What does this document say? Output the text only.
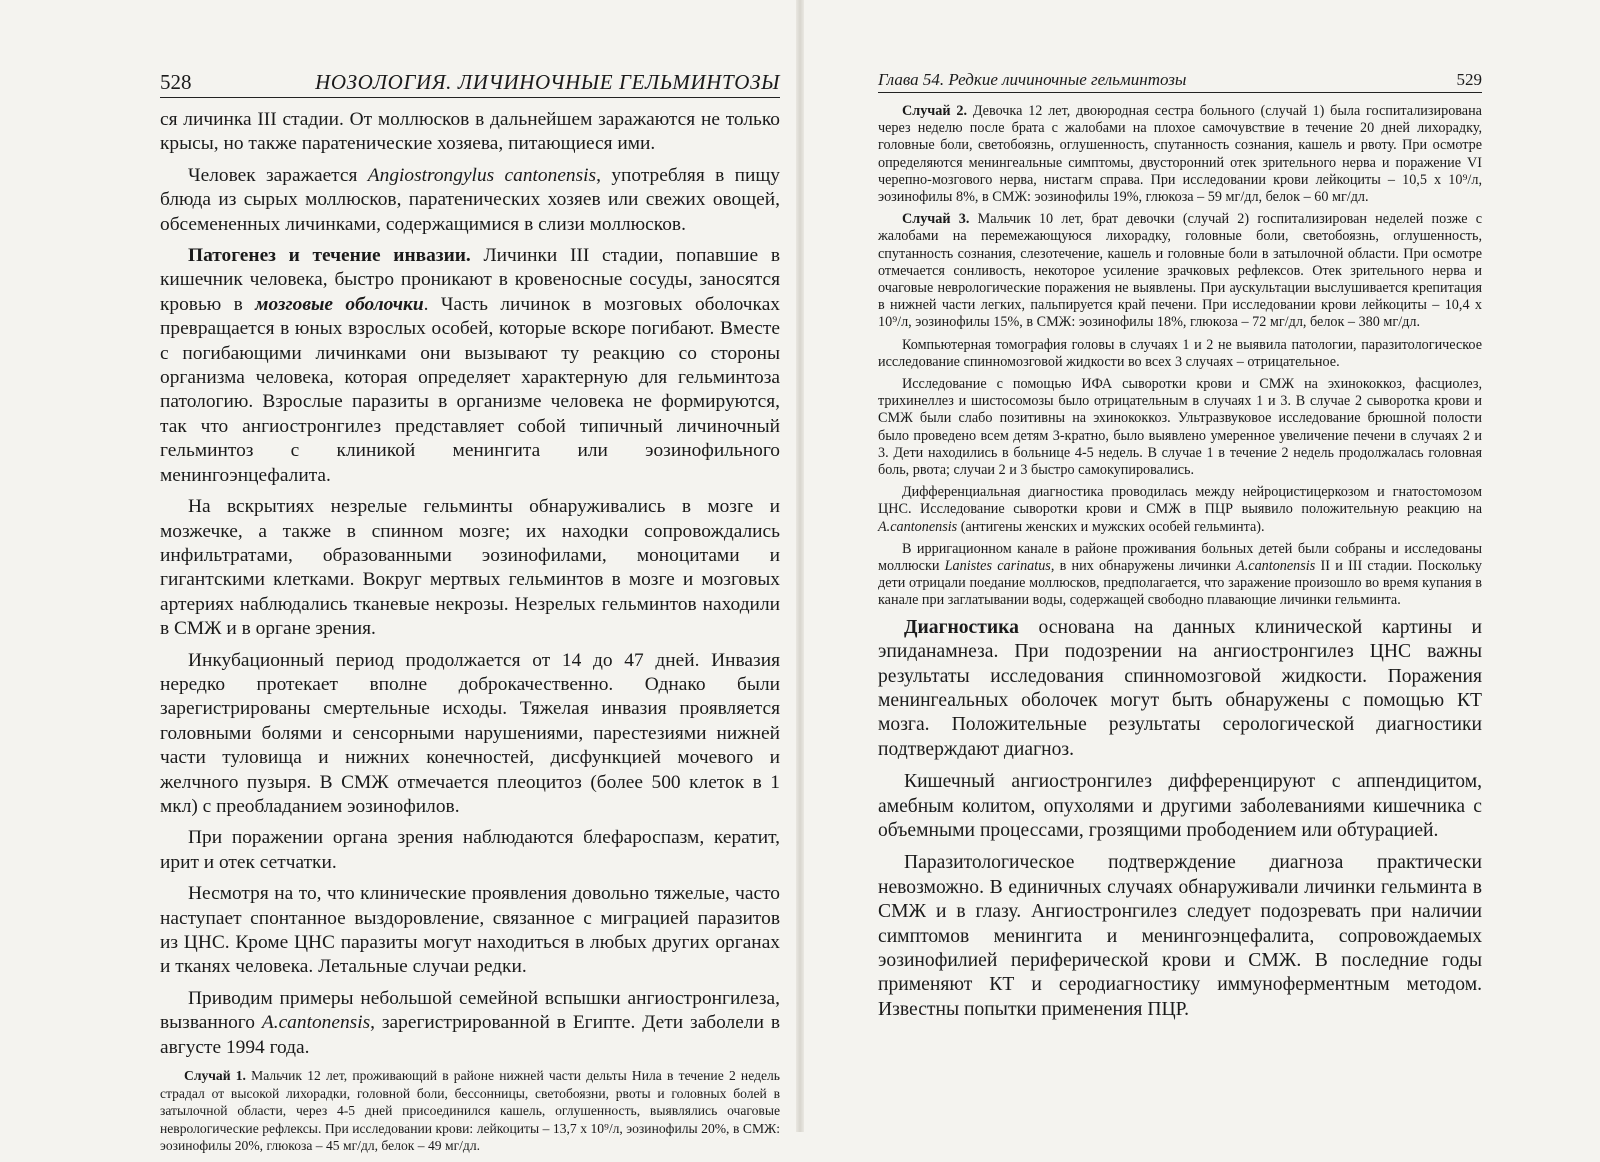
528	НОЗОЛОГИЯ. ЛИЧИНОЧНЫЕ ГЕЛЬМИНТОЗЫ

ся личинка III стадии. От моллюсков в дальнейшем заражаются не только крысы, но также паратенические хозяева, питающиеся ими.

Человек заражается Angiostrongylus cantonensis, употребляя в пищу блюда из сырых моллюсков, паратенических хозяев или свежих овощей, обсемененных личинками, содержащимися в слизи моллюсков.

Патогенез и течение инвазии. Личинки III стадии, попавшие в кишечник человека, быстро проникают в кровеносные сосуды, заносятся кровью в мозговые оболочки. Часть личинок в мозговых оболочках превращается в юных взрослых особей, которые вскоре погибают. Вместе с погибающими личинками они вызывают ту реакцию со стороны организма человека, которая определяет характерную для гельминтоза патологию. Взрослые паразиты в организме человека не формируются, так что ангиостронгилез представляет собой типичный личиночный гельминтоз с клиникой менингита или эозинофильного менингоэнцефалита.

На вскрытиях незрелые гельминты обнаруживались в мозге и мозжечке, а также в спинном мозге; их находки сопровождались инфильтратами, образованными эозинофилами, моноцитами и гигантскими клетками. Вокруг мертвых гельминтов в мозге и мозговых артериях наблюдались тканевые некрозы. Незрелых гельминтов находили в СМЖ и в органе зрения.

Инкубационный период продолжается от 14 до 47 дней. Инвазия нередко протекает вполне доброкачественно. Однако были зарегистрированы смертельные исходы. Тяжелая инвазия проявляется головными болями и сенсорными нарушениями, парестезиями нижней части туловища и нижних конечностей, дисфункцией мочевого и желчного пузыря. В СМЖ отмечается плеоцитоз (более 500 клеток в 1 мкл) с преобладанием эозинофилов.

При поражении органа зрения наблюдаются блефароспазм, кератит, ирит и отек сетчатки.

Несмотря на то, что клинические проявления довольно тяжелые, часто наступает спонтанное выздоровление, связанное с миграцией паразитов из ЦНС. Кроме ЦНС паразиты могут находиться в любых других органах и тканях человека. Летальные случаи редки.

Приводим примеры небольшой семейной вспышки ангиостронгилеза, вызванного A.cantonensis, зарегистрированной в Египте. Дети заболели в августе 1994 года.

Случай 1. Мальчик 12 лет, проживающий в районе нижней части дельты Нила в течение 2 недель страдал от высокой лихорадки, головной боли, бессонницы, светобоязни, рвоты и головных болей в затылочной области, через 4-5 дней присоединился кашель, оглушенность, выявлялись очаговые неврологические рефлексы. При исследовании крови: лейкоциты – 13,7 x 10⁹/л, эозинофилы 20%, в СМЖ: эозинофилы 20%, глюкоза – 45 мг/дл, белок – 49 мг/дл.

Глава 54. Редкие личиночные гельминтозы	529

Случай 2. Девочка 12 лет, двоюродная сестра больного (случай 1) была госпитализирована через неделю после брата с жалобами на плохое самочувствие в течение 20 дней лихорадку, головные боли, светобоязнь, оглушенность, спутанность сознания, кашель и рвоту. При осмотре определяются менингеальные симптомы, двусторонний отек зрительного нерва и поражение VI черепно-мозгового нерва, нистагм справа. При исследовании крови лейкоциты – 10,5 x 10⁹/л, эозинофилы 8%, в СМЖ: эозинофилы 19%, глюкоза – 59 мг/дл, белок – 60 мг/дл.

Случай 3. Мальчик 10 лет, брат девочки (случай 2) госпитализирован неделей позже с жалобами на перемежающуюся лихорадку, головные боли, светобоязнь, оглушенность, спутанность сознания, слезотечение, кашель и головные боли в затылочной области. При осмотре отмечается сонливость, некоторое усиление зрачковых рефлексов. Отек зрительного нерва и очаговые неврологические поражения не выявлены. При аускультации выслушивается крепитация в нижней части легких, пальпируется край печени. При исследовании крови лейкоциты – 10,4 x 10⁹/л, эозинофилы 15%, в СМЖ: эозинофилы 18%, глюкоза – 72 мг/дл, белок – 380 мг/дл.

Компьютерная томография головы в случаях 1 и 2 не выявила патологии, паразитологическое исследование спинномозговой жидкости во всех 3 случаях – отрицательное.

Исследование с помощью ИФА сыворотки крови и СМЖ на эхинококкоз, фасциолез, трихинеллез и шистосомозы было отрицательным в случаях 1 и 3. В случае 2 сыворотка крови и СМЖ были слабо позитивны на эхинококкоз. Ультразвуковое исследование брюшной полости было проведено всем детям 3-кратно, было выявлено умеренное увеличение печени в случаях 2 и 3. Дети находились в больнице 4-5 недель. В случае 1 в течение 2 недель продолжалась головная боль, рвота; случаи 2 и 3 быстро самокупировались.

Дифференциальная диагностика проводилась между нейроцистицеркозом и гнатостомозом ЦНС. Исследование сыворотки крови и СМЖ в ПЦР выявило положительную реакцию на A.cantonensis (антигены женских и мужских особей гельминта).

В ирригационном канале в районе проживания больных детей были собраны и исследованы моллюски Lanistes carinatus, в них обнаружены личинки A.cantonensis II и III стадии. Поскольку дети отрицали поедание моллюсков, предполагается, что заражение произошло во время купания в канале при заглатывании воды, содержащей свободно плавающие личинки гельминта.

Диагностика основана на данных клинической картины и эпиданамнеза. При подозрении на ангиостронгилез ЦНС важны результаты исследования спинномозговой жидкости. Поражения менингеальных оболочек могут быть обнаружены с помощью КТ мозга. Положительные результаты серологической диагностики подтверждают диагноз.

Кишечный ангиостронгилез дифференцируют с аппендицитом, амебным колитом, опухолями и другими заболеваниями кишечника с объемными процессами, грозящими прободением или обтурацией.

Паразитологическое подтверждение диагноза практически невозможно. В единичных случаях обнаруживали личинки гельминта в СМЖ и в глазу. Ангиостронгилез следует подозревать при наличии симптомов менингита и менингоэнцефалита, сопровождаемых эозинофилией периферической крови и СМЖ. В последние годы применяют КТ и серодиагностику иммуноферментным методом. Известны попытки применения ПЦР.
